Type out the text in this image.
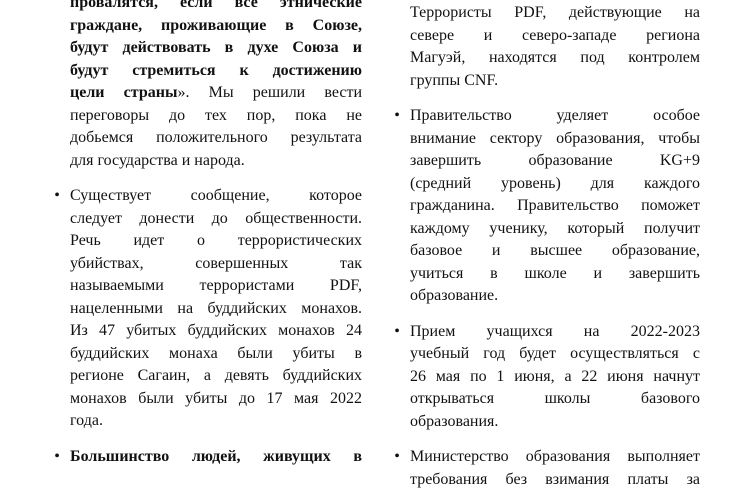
провалятся, если все этнические
граждане, проживающие в Союзе,
будут действовать в духе Союза и
будут стремиться к достижению
цели страны». Мы решили вести
переговоры до тех пор, пока не
добьемся положительного результата
для государства и народа.
• Существует сообщение, которое
следует донести до общественности.
Речь идет о террористических
убийствах, совершенных так
называемыми террористами PDF,
нацеленными на буддийских монахов.
Из 47 убитых буддийских монахов 24
буддийских монаха были убиты в
регионе Сагаин, а девять буддийских
монахов были убиты до 17 мая 2022
года.
• Большинство людей, живущих в
Террористы PDF, действующие на
севере и северо-западе региона
Магуэй, находятся под контролем
группы CNF.
• Правительство уделяет особое
внимание сектору образования, чтобы
завершить образование KG+9
(средний уровень) для каждого
гражданина. Правительство поможет
каждому ученику, который получит
базовое и высшее образование,
учиться в школе и завершить
образование.
• Прием учащихся на 2022-2023
учебный год будет осуществляться с
26 мая по 1 июня, а 22 июня начнут
открываться школы базового
образования.
• Министерство образования выполняет
требования без взимания платы за
